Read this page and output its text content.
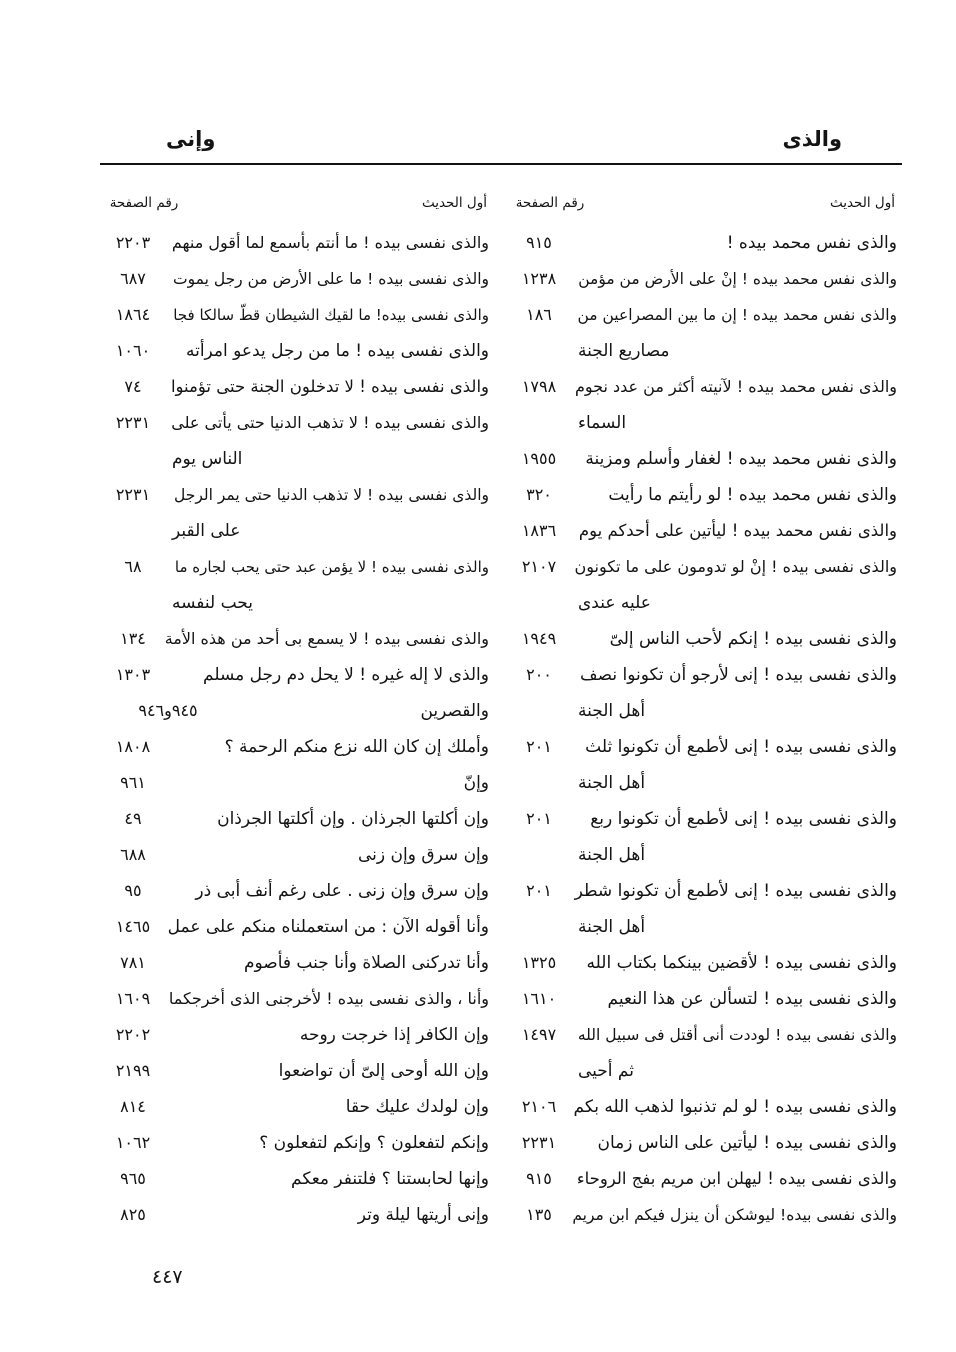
والذى
وإنى
أول الحديث
رقم الصفحة
والذى نفس محمد بيده !
٩١٥
والذى نفس محمد بيده ! إنْ على الأرض من مؤمن
١٢٣٨
والذى نفس محمد بيده ! إن ما بين المصراعين من
١٨٦
مصاريع الجنة
والذى نفس محمد بيده ! لآنيته أكثر من عدد نجوم
١٧٩٨
السماء
والذى نفس محمد بيده ! لغفار وأسلم ومزينة
١٩٥٥
والذى نفس محمد بيده ! لو رأيتم ما رأيت
٣٢٠
والذى نفس محمد بيده ! ليأتين على أحدكم يوم
١٨٣٦
والذى نفسى بيده ! إنْ لو تدومون على ما تكونون
٢١٠٧
عليه عندى
والذى نفسى بيده ! إنكم لأحب الناس إلىّ
١٩٤٩
والذى نفسى بيده ! إنى لأرجو أن تكونوا نصف
٢٠٠
أهل الجنة
والذى نفسى بيده ! إنى لأطمع أن تكونوا ثلث
٢٠١
أهل الجنة
والذى نفسى بيده ! إنى لأطمع أن تكونوا ربع
٢٠١
أهل الجنة
والذى نفسى بيده ! إنى لأطمع أن تكونوا شطر
٢٠١
أهل الجنة
والذى نفسى بيده ! لأقضين بينكما بكتاب الله
١٣٢٥
والذى نفسى بيده ! لتسألن عن هذا النعيم
١٦١٠
والذى نفسى بيده ! لوددت أنى أقتل فى سبيل الله
١٤٩٧
ثم أحيى
والذى نفسى بيده ! لو لم تذنبوا لذهب الله بكم
٢١٠٦
والذى نفسى بيده ! ليأتين على الناس زمان
٢٢٣١
والذى نفسى بيده ! ليهلن ابن مريم بفج الروحاء
٩١٥
والذى نفسى بيده! ليوشكن أن ينزل فيكم ابن مريم
١٣٥
أول الحديث
رقم الصفحة
والذى نفسى بيده ! ما أنتم بأسمع لما أقول منهم
٢٢٠٣
والذى نفسى بيده ! ما على الأرض من رجل يموت
٦٨٧
والذى نفسى بيده! ما لقيك الشيطان قطّ سالكا فجا
١٨٦٤
والذى نفسى بيده ! ما من رجل يدعو امرأته
١٠٦٠
والذى نفسى بيده ! لا تدخلون الجنة حتى تؤمنوا
٧٤
والذى نفسى بيده ! لا تذهب الدنيا حتى يأتى على
٢٢٣١
الناس يوم
والذى نفسى بيده ! لا تذهب الدنيا حتى يمر الرجل
٢٢٣١
على القبر
والذى نفسى بيده ! لا يؤمن عبد حتى يحب لجاره ما
٦٨
يحب لنفسه
والذى نفسى بيده ! لا يسمع بى أحد من هذه الأمة
١٣٤
والذى لا إله غيره ! لا يحل دم رجل مسلم
١٣٠٣
والقصرين
٩٤٥و٩٤٦
وأملك إن كان الله نزع منكم الرحمة ؟
١٨٠٨
وإنّ
٩٦١
وإن أكلتها الجرذان . وإن أكلتها الجرذان
٤٩
وإن سرق وإن زنى
٦٨٨
وإن سرق وإن زنى . على رغم أنف أبى ذر
٩٥
وأنا أقوله الآن : من استعملناه منكم على عمل
١٤٦٥
وأنا تدركنى الصلاة وأنا جنب فأصوم
٧٨١
وأنا ، والذى نفسى بيده ! لأخرجنى الذى أخرجكما
١٦٠٩
وإن الكافر إذا خرجت روحه
٢٢٠٢
وإن الله أوحى إلىّ أن تواضعوا
٢١٩٩
وإن لولدك عليك حقا
٨١٤
وإنكم لتفعلون ؟ وإنكم لتفعلون ؟
١٠٦٢
وإنها لحابستنا ؟ فلتنفر معكم
٩٦٥
وإنى أريتها ليلة وتر
٨٢٥
٤٤٧
